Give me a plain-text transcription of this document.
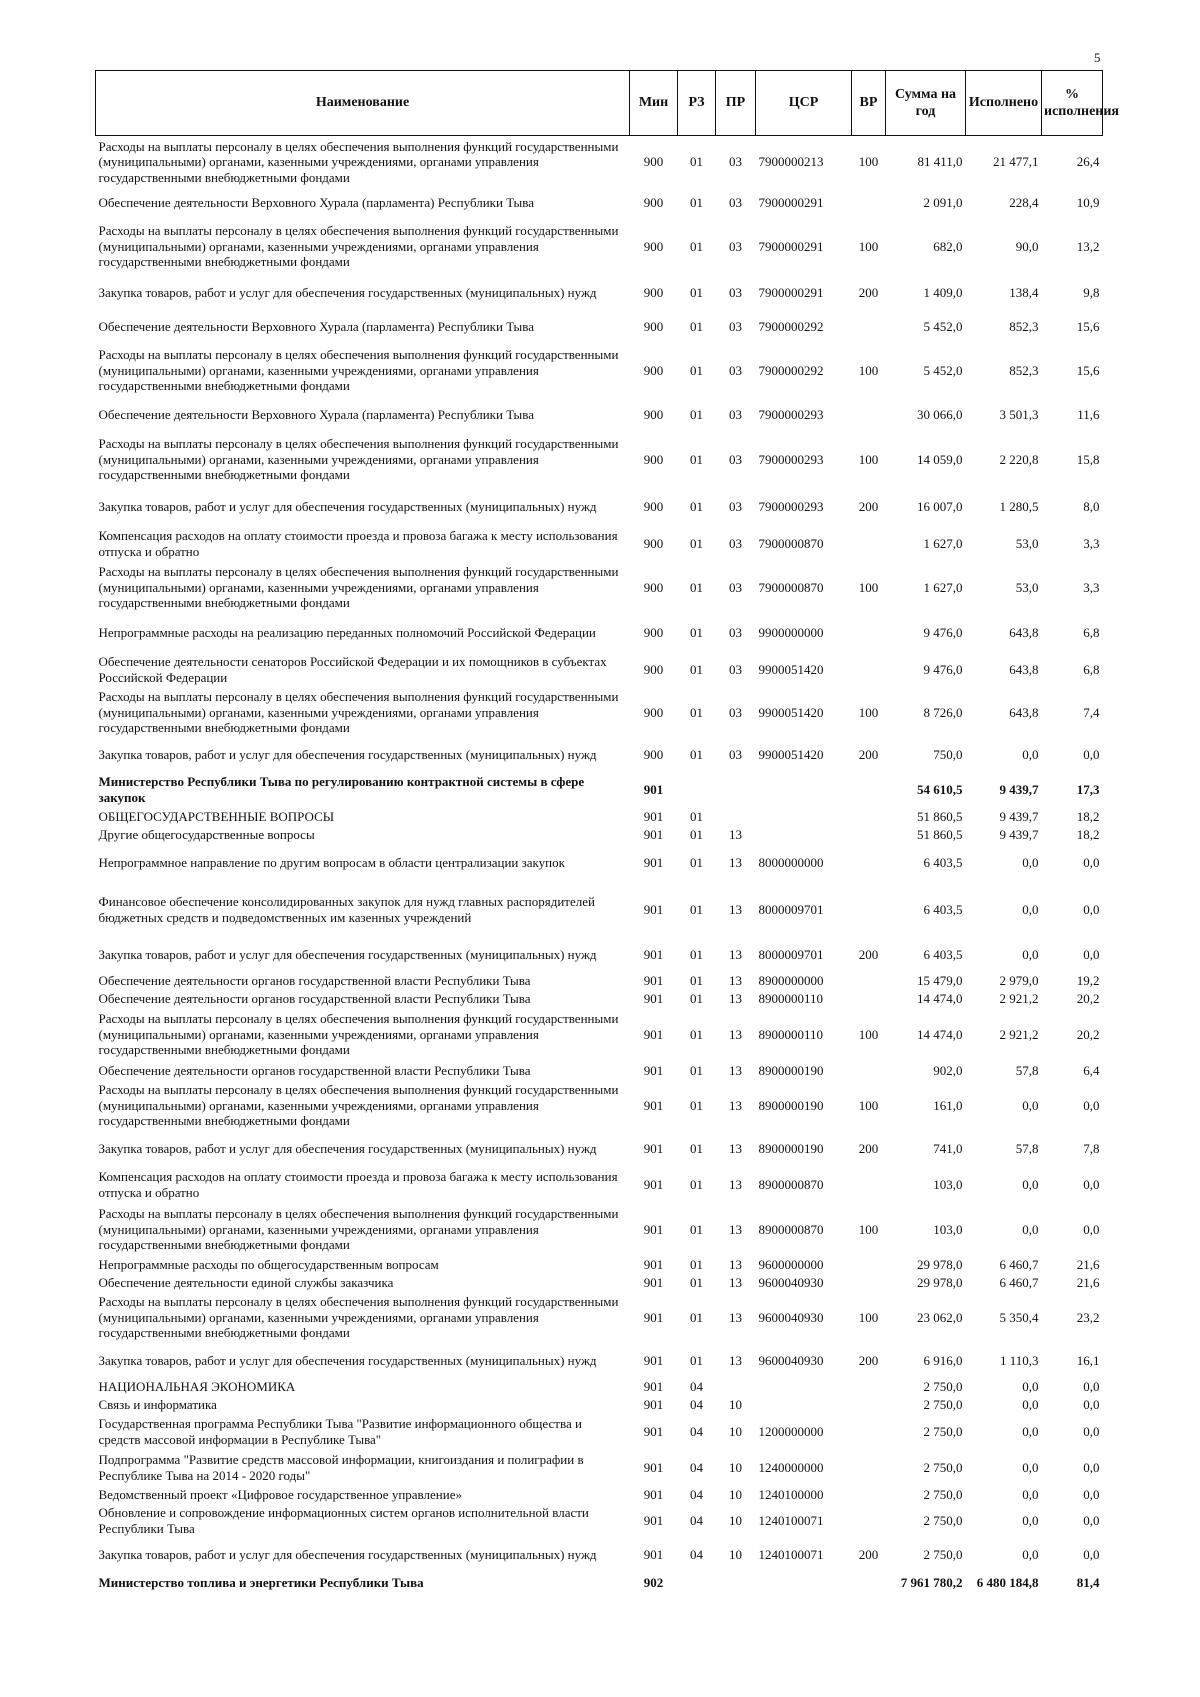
5
Наименование	Мин	РЗ	ПР	ЦСР	ВР	Сумма на год	Исполнено	% исполнения
Расходы на выплаты персоналу в целях обеспечения выполнения функций государственными (муниципальными) органами, казенными учреждениями, органами управления государственными внебюджетными фондами	900	01	03	7900000213	100	81 411,0	21 477,1	26,4
Обеспечение деятельности Верховного Хурала (парламента) Республики Тыва	900	01	03	7900000291		2 091,0	228,4	10,9
Расходы на выплаты персоналу в целях обеспечения выполнения функций государственными (муниципальными) органами, казенными учреждениями, органами управления государственными внебюджетными фондами	900	01	03	7900000291	100	682,0	90,0	13,2
Закупка товаров, работ и услуг для обеспечения государственных (муниципальных) нужд	900	01	03	7900000291	200	1 409,0	138,4	9,8
Обеспечение деятельности Верховного Хурала (парламента) Республики Тыва	900	01	03	7900000292		5 452,0	852,3	15,6
Расходы на выплаты персоналу в целях обеспечения выполнения функций государственными (муниципальными) органами, казенными учреждениями, органами управления государственными внебюджетными фондами	900	01	03	7900000292	100	5 452,0	852,3	15,6
Обеспечение деятельности Верховного Хурала (парламента) Республики Тыва	900	01	03	7900000293		30 066,0	3 501,3	11,6
Расходы на выплаты персоналу в целях обеспечения выполнения функций государственными (муниципальными) органами, казенными учреждениями, органами управления государственными внебюджетными фондами	900	01	03	7900000293	100	14 059,0	2 220,8	15,8
Закупка товаров, работ и услуг для обеспечения государственных (муниципальных) нужд	900	01	03	7900000293	200	16 007,0	1 280,5	8,0
Компенсация расходов на оплату стоимости проезда и провоза багажа к месту использования отпуска и обратно	900	01	03	7900000870		1 627,0	53,0	3,3
Расходы на выплаты персоналу в целях обеспечения выполнения функций государственными (муниципальными) органами, казенными учреждениями, органами управления государственными внебюджетными фондами	900	01	03	7900000870	100	1 627,0	53,0	3,3
Непрограммные расходы на реализацию переданных полномочий Российской Федерации	900	01	03	9900000000		9 476,0	643,8	6,8
Обеспечение деятельности сенаторов Российской Федерации и их помощников в субъектах Российской Федерации	900	01	03	9900051420		9 476,0	643,8	6,8
Расходы на выплаты персоналу в целях обеспечения выполнения функций государственными (муниципальными) органами, казенными учреждениями, органами управления государственными внебюджетными фондами	900	01	03	9900051420	100	8 726,0	643,8	7,4
Закупка товаров, работ и услуг для обеспечения государственных (муниципальных) нужд	900	01	03	9900051420	200	750,0	0,0	0,0
Министерство Республики Тыва по регулированию контрактной системы в сфере закупок	901					54 610,5	9 439,7	17,3
ОБЩЕГОСУДАРСТВЕННЫЕ ВОПРОСЫ	901	01				51 860,5	9 439,7	18,2
Другие общегосударственные вопросы	901	01	13			51 860,5	9 439,7	18,2
Непрограммное направление по другим вопросам в области централизации закупок	901	01	13	8000000000		6 403,5	0,0	0,0
Финансовое обеспечение консолидированных закупок для нужд главных распорядителей бюджетных средств и подведомственных им казенных учреждений	901	01	13	8000009701		6 403,5	0,0	0,0
Закупка товаров, работ и услуг для обеспечения государственных (муниципальных) нужд	901	01	13	8000009701	200	6 403,5	0,0	0,0
Обеспечение деятельности органов государственной власти Республики Тыва	901	01	13	8900000000		15 479,0	2 979,0	19,2
Обеспечение деятельности органов государственной власти Республики Тыва	901	01	13	8900000110		14 474,0	2 921,2	20,2
Расходы на выплаты персоналу в целях обеспечения выполнения функций государственными (муниципальными) органами, казенными учреждениями, органами управления государственными внебюджетными фондами	901	01	13	8900000110	100	14 474,0	2 921,2	20,2
Обеспечение деятельности органов государственной власти Республики Тыва	901	01	13	8900000190		902,0	57,8	6,4
Расходы на выплаты персоналу в целях обеспечения выполнения функций государственными (муниципальными) органами, казенными учреждениями, органами управления государственными внебюджетными фондами	901	01	13	8900000190	100	161,0	0,0	0,0
Закупка товаров, работ и услуг для обеспечения государственных (муниципальных) нужд	901	01	13	8900000190	200	741,0	57,8	7,8
Компенсация расходов на оплату стоимости проезда и провоза багажа к месту использования отпуска и обратно	901	01	13	8900000870		103,0	0,0	0,0
Расходы на выплаты персоналу в целях обеспечения выполнения функций государственными (муниципальными) органами, казенными учреждениями, органами управления государственными внебюджетными фондами	901	01	13	8900000870	100	103,0	0,0	0,0
Непрограммные расходы по общегосударственным вопросам	901	01	13	9600000000		29 978,0	6 460,7	21,6
Обеспечение деятельности единой службы заказчика	901	01	13	9600040930		29 978,0	6 460,7	21,6
Расходы на выплаты персоналу в целях обеспечения выполнения функций государственными (муниципальными) органами, казенными учреждениями, органами управления государственными внебюджетными фондами	901	01	13	9600040930	100	23 062,0	5 350,4	23,2
Закупка товаров, работ и услуг для обеспечения государственных (муниципальных) нужд	901	01	13	9600040930	200	6 916,0	1 110,3	16,1
НАЦИОНАЛЬНАЯ ЭКОНОМИКА	901	04				2 750,0	0,0	0,0
Связь и информатика	901	04	10			2 750,0	0,0	0,0
Государственная программа Республики Тыва "Развитие информационного общества и средств массовой информации в Республике Тыва"	901	04	10	1200000000		2 750,0	0,0	0,0
Подпрограмма "Развитие средств массовой информации, книгоиздания и полиграфии в Республике Тыва на 2014 - 2020 годы"	901	04	10	1240000000		2 750,0	0,0	0,0
Ведомственный проект «Цифровое государственное управление»	901	04	10	1240100000		2 750,0	0,0	0,0
Обновление и сопровождение информационных систем органов исполнительной власти Республики Тыва	901	04	10	1240100071		2 750,0	0,0	0,0
Закупка товаров, работ и услуг для обеспечения государственных (муниципальных) нужд	901	04	10	1240100071	200	2 750,0	0,0	0,0
Министерство топлива и энергетики Республики Тыва	902					7 961 780,2	6 480 184,8	81,4
